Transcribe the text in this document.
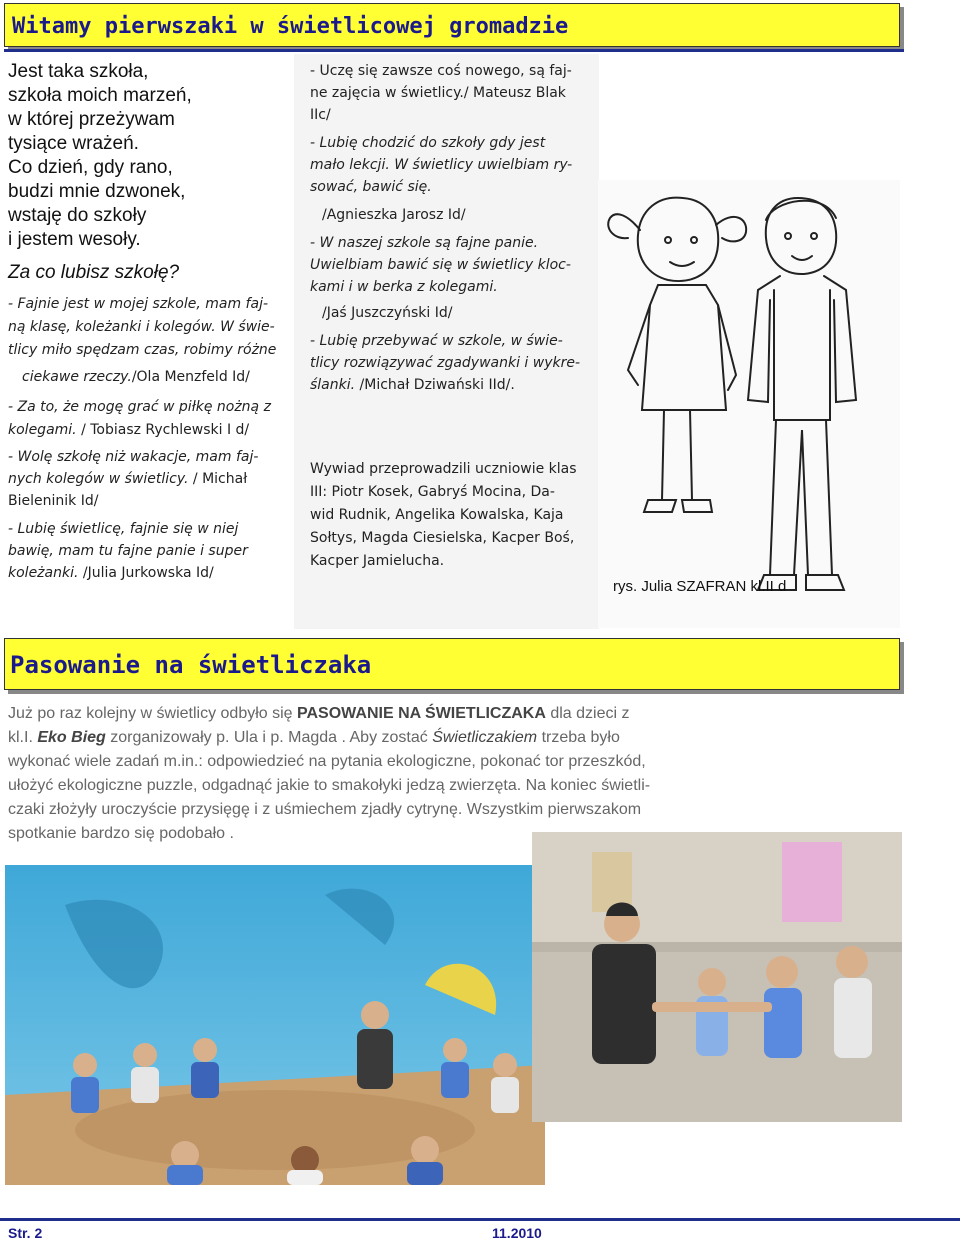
Witamy pierwszaki w świetlicowej gromadzie
Jest taka szkoła,
szkoła moich marzeń,
w której przeżywam
tysiące wrażeń.
Co dzień, gdy rano,
budzi mnie dzwonek,
wstaję do szkoły
i jestem wesoły.
Za co lubisz szkołę?
- Fajnie jest w mojej szkole, mam faj-
ną klasę, koleżanki i kolegów. W świe-
tlicy miło spędzam czas, robimy różne
ciekawe rzeczy./Ola Menzfeld Id/
- Za to, że mogę grać w piłkę nożną z
kolegami. / Tobiasz Rychlewski I d/
- Wolę szkołę niż wakacje, mam faj-
nych kolegów w świetlicy. / Michał
Bieleninik Id/
- Lubię świetlicę, fajnie się w niej
bawię, mam tu fajne panie i super
koleżanki. /Julia Jurkowska Id/
- Uczę się zawsze coś nowego, są faj-
ne zajęcia w świetlicy./ Mateusz Blak
IIc/
- Lubię chodzić do szkoły gdy jest
mało lekcji. W świetlicy uwielbiam ry-
sować, bawić się.
/Agnieszka Jarosz Id/
- W naszej szkole są fajne panie.
Uwielbiam bawić się w świetlicy kloc-
kami i w berka z kolegami.
/Jaś Juszczyński Id/
- Lubię przebywać w szkole, w świe-
tlicy rozwiązywać zgadywanki i wykre-
ślanki. /Michał Dziwański IId/.
Wywiad przeprowadzili uczniowie klas
III: Piotr Kosek, Gabryś Mocina, Da-
wid Rudnik, Angelika Kowalska, Kaja
Sołtys, Magda Ciesielska, Kacper Boś,
Kacper Jamielucha.
rys. Julia SZAFRAN kl.II d
Pasowanie na świetliczaka
Już po raz kolejny w świetlicy odbyło się PASOWANIE NA ŚWIETLICZAKA dla dzieci z
kl.I. Eko Bieg zorganizowały p. Ula i p. Magda . Aby zostać Świetliczakiem trzeba było
wykonać wiele zadań m.in.: odpowiedzieć na pytania ekologiczne, pokonać tor przeszkód,
ułożyć ekologiczne puzzle, odgadnąć jakie to smakołyki jedzą zwierzęta. Na koniec świetli-
czaki złożyły uroczyście przysięgę i z uśmiechem zjadły cytrynę. Wszystkim pierwszakom
spotkanie bardzo się podobało .
Str. 2	11.2010
